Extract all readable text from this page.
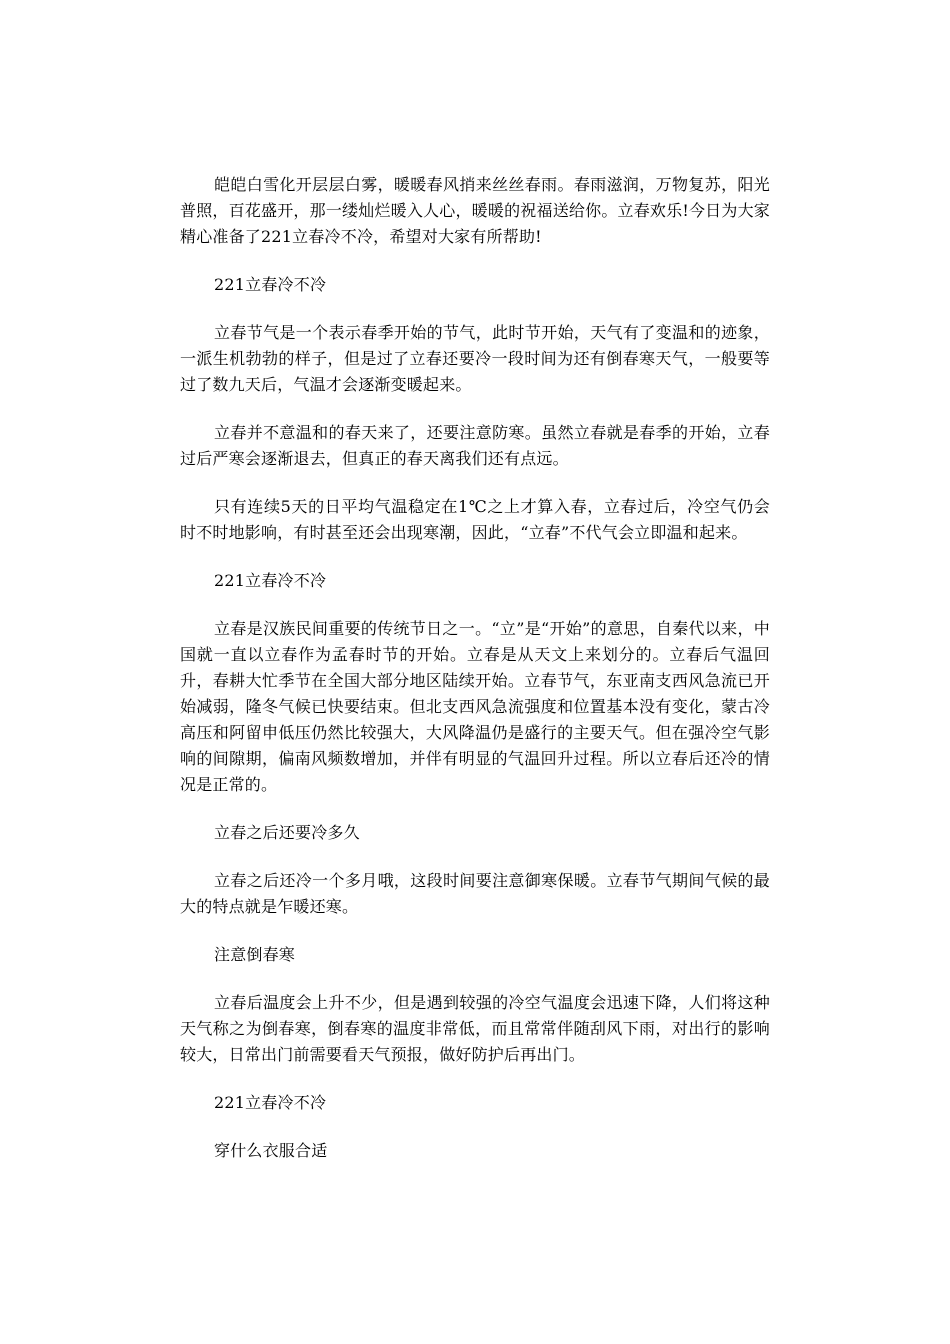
皑皑白雪化开层层白雾，暖暖春风捎来丝丝春雨。春雨滋润，万物复苏，阳光普照，百花盛开，那一缕灿烂暖入人心，暖暖的祝福送给你。立春欢乐!今日为大家精心准备了221立春冷不冷，希望对大家有所帮助!

221立春冷不冷

立春节气是一个表示春季开始的节气，此时节开始，天气有了变温和的迹象，一派生机勃勃的样子，但是过了立春还要冷一段时间为还有倒春寒天气，一般要等过了数九天后，气温才会逐渐变暖起来。

立春并不意温和的春天来了，还要注意防寒。虽然立春就是春季的开始，立春过后严寒会逐渐退去，但真正的春天离我们还有点远。

只有连续5天的日平均气温稳定在1℃之上才算入春，立春过后，冷空气仍会时不时地影响，有时甚至还会出现寒潮，因此，“立春”不代气会立即温和起来。

221立春冷不冷

立春是汉族民间重要的传统节日之一。“立”是“开始”的意思，自秦代以来，中国就一直以立春作为孟春时节的开始。立春是从天文上来划分的。立春后气温回升，春耕大忙季节在全国大部分地区陆续开始。立春节气，东亚南支西风急流已开始减弱，隆冬气候已快要结束。但北支西风急流强度和位置基本没有变化，蒙古冷高压和阿留申低压仍然比较强大，大风降温仍是盛行的主要天气。但在强冷空气影响的间隙期，偏南风频数增加，并伴有明显的气温回升过程。所以立春后还冷的情况是正常的。

立春之后还要冷多久

立春之后还冷一个多月哦，这段时间要注意御寒保暖。立春节气期间气候的最大的特点就是乍暖还寒。

注意倒春寒

立春后温度会上升不少，但是遇到较强的冷空气温度会迅速下降，人们将这种天气称之为倒春寒，倒春寒的温度非常低，而且常常伴随刮风下雨，对出行的影响较大，日常出门前需要看天气预报，做好防护后再出门。

221立春冷不冷

穿什么衣服合适
